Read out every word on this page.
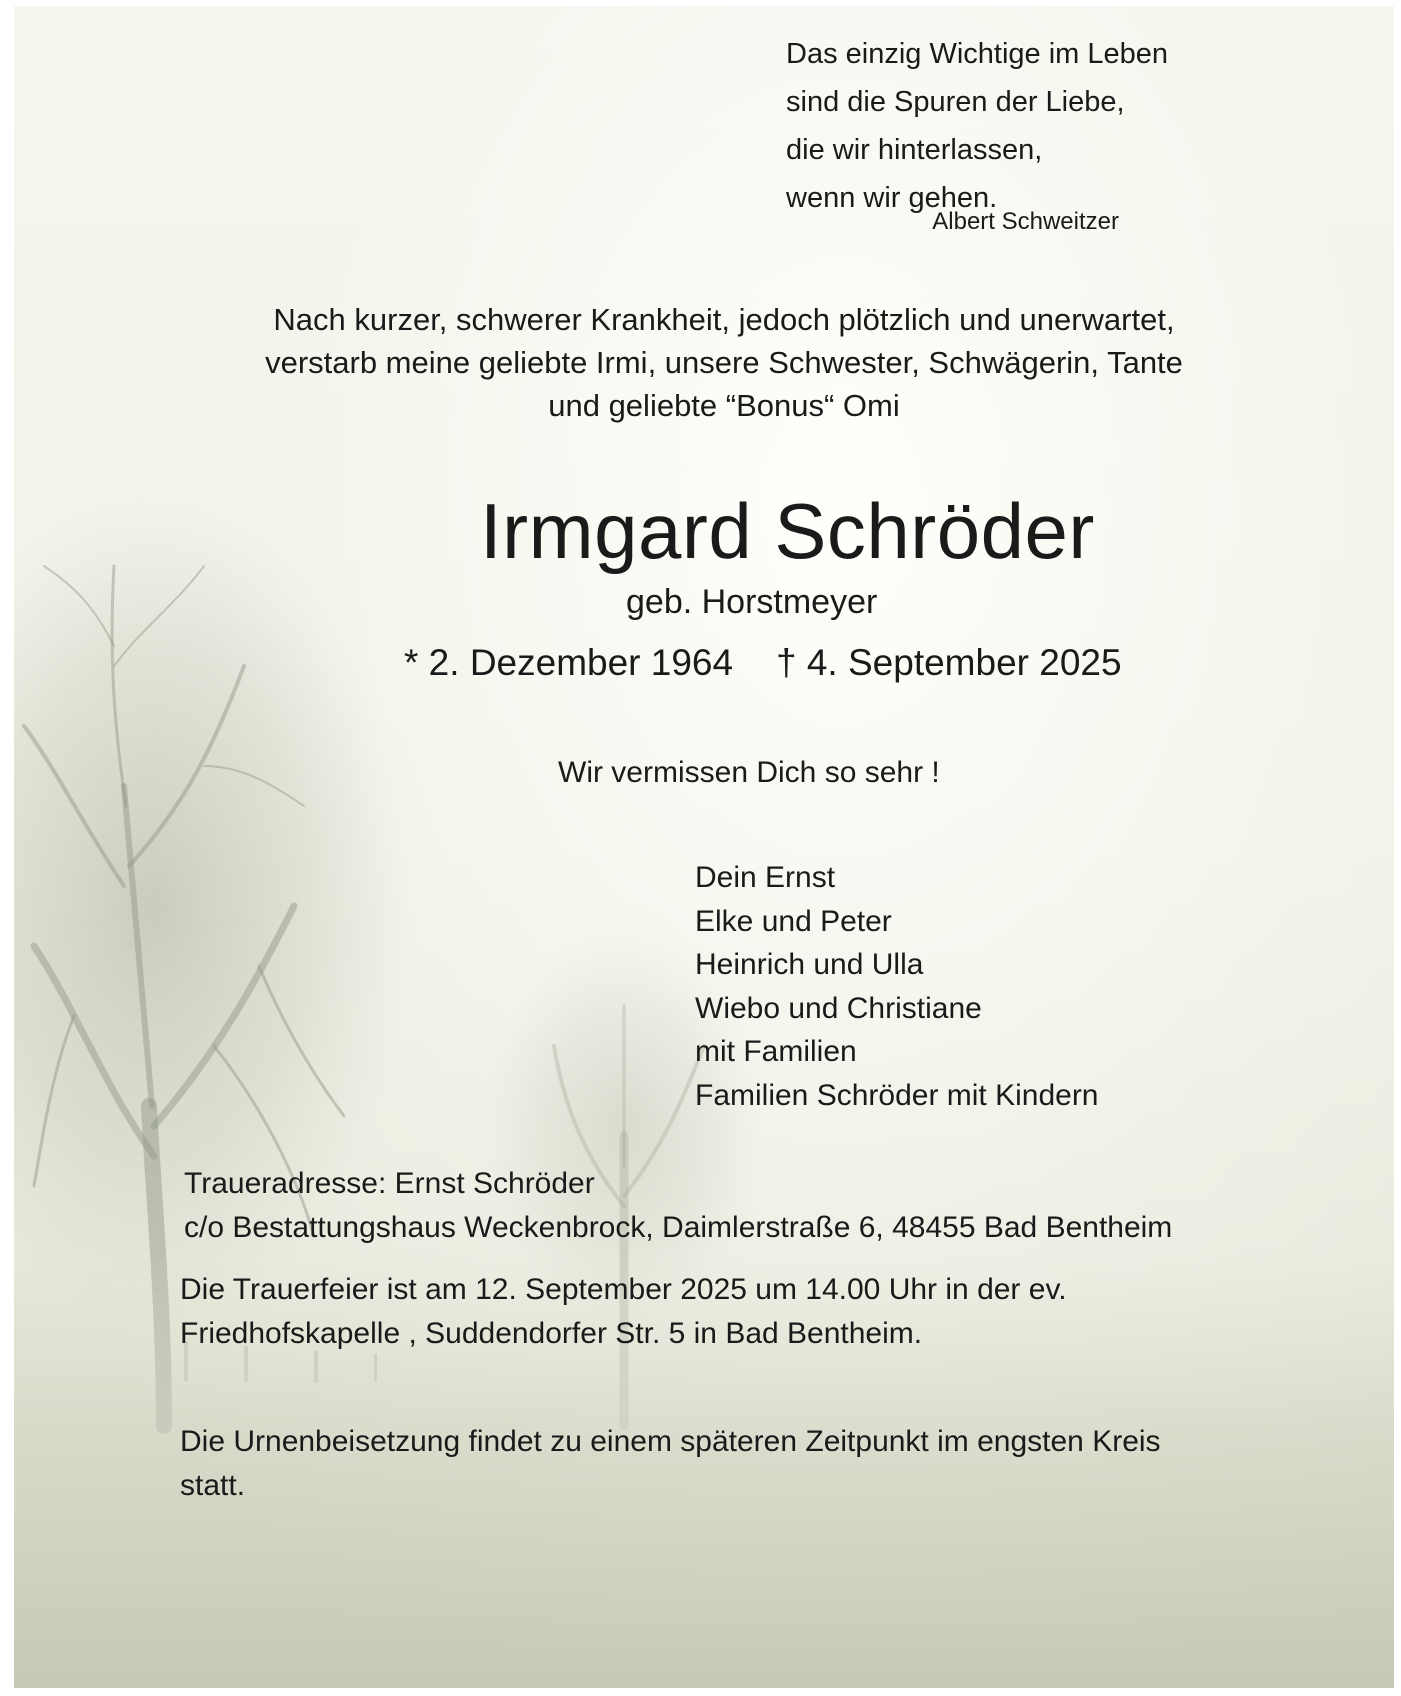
Das einzig Wichtige im Leben
sind die Spuren der Liebe,
die wir hinterlassen,
wenn wir gehen.
Albert Schweitzer
Nach kurzer, schwerer Krankheit, jedoch plötzlich und unerwartet,
verstarb meine geliebte Irmi, unsere Schwester, Schwägerin, Tante
und geliebte “Bonus“ Omi
Irmgard Schröder
geb. Horstmeyer
* 2. Dezember 1964 † 4. September 2025
Wir vermissen Dich so sehr !
Dein Ernst
Elke und Peter
Heinrich und Ulla
Wiebo und Christiane
mit Familien
Familien Schröder mit Kindern
Traueradresse: Ernst Schröder
c/o Bestattungshaus Weckenbrock, Daimlerstraße 6, 48455 Bad Bentheim
Die Trauerfeier ist am 12. September 2025 um 14.00 Uhr in der ev.
Friedhofskapelle , Suddendorfer Str. 5 in Bad Bentheim.
Die Urnenbeisetzung findet zu einem späteren Zeitpunkt im engsten Kreis
statt.
